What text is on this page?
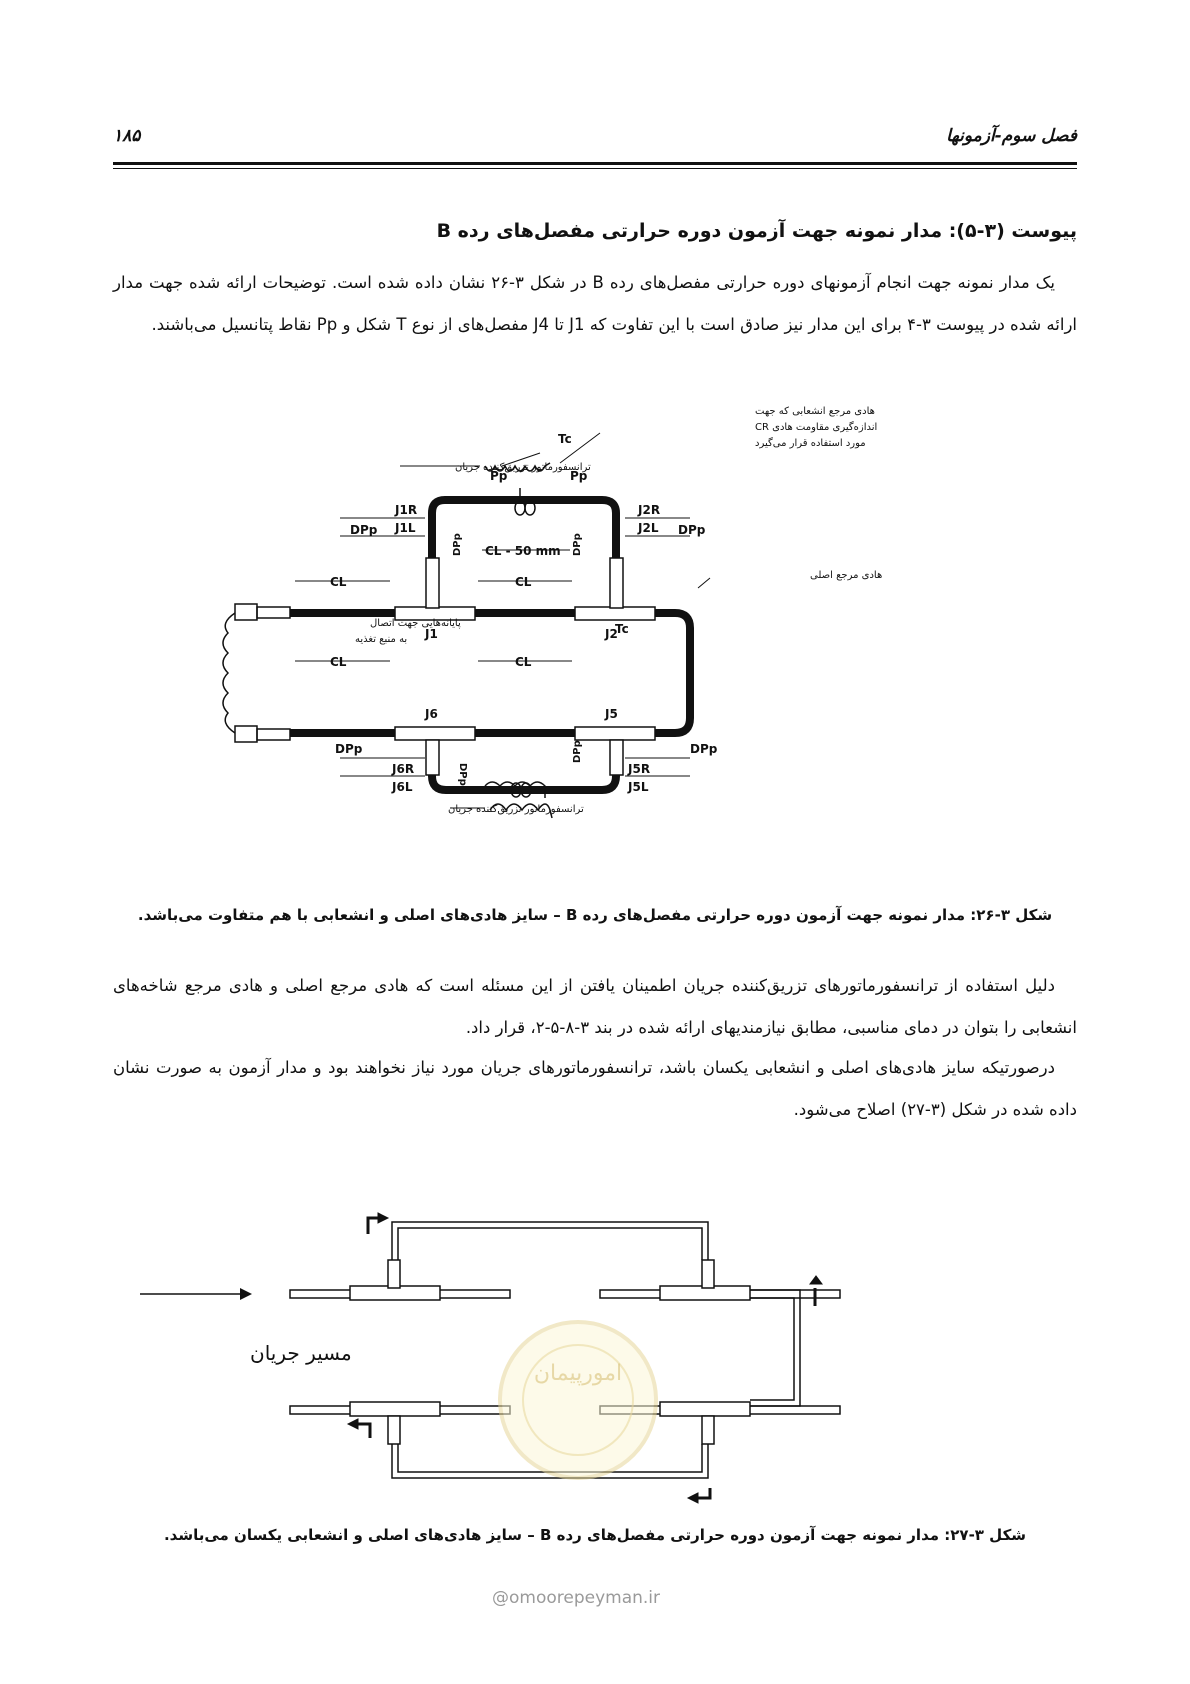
فصل سوم-آزمونها
۱۸۵
پیوست (۳-۵): مدار نمونه جهت آزمون دوره حرارتی مفصل‌های رده B
یک مدار نمونه جهت انجام آزمونهای دوره حرارتی مفصل‌های رده B در شکل ۳-۲۶ نشان داده شده است. توضیحات ارائه شده جهت مدار ارائه شده در پیوست ۳-۴ برای این مدار نیز صادق است با این تفاوت که J1 تا J4 مفصل‌های از نوع T شکل و Pp نقاط پتانسیل می‌باشند.
Pp	Pp
Tc
Tc
J1R
J1L
J2R
J2L
DPp	DPp
CL - 50 mm
CL	CL
CL	CL
J1	J2
J6	J5
DPp	DPp
J6R
J6L
J5R
J5L
DPp	DPp
DPp
DPp
هادی مرجع انشعابی که جهت
اندازه‌گیری مقاومت هادی CR
مورد استفاده قرار می‌گیرد
ترانسفورماتور تزریق‌کننده جریان
ترانسفورماتور تزریق‌کننده جریان
هادی مرجع اصلی
پایانه‌هایی جهت اتصال
به منبع تغذیه
شکل ۳-۲۶: مدار نمونه جهت آزمون دوره حرارتی مفصل‌های رده B – سایز هادی‌های اصلی و انشعابی با هم متفاوت می‌باشد.
دلیل استفاده از ترانسفورماتورهای تزریق‌کننده جریان اطمینان یافتن از این مسئله است که هادی مرجع اصلی و هادی مرجع شاخه‌های انشعابی را بتوان در دمای مناسبی، مطابق نیازمندیهای ارائه شده در بند ۳-۸-۵-۲، قرار داد.
درصورتیکه سایز هادی‌های اصلی و انشعابی یکسان باشد، ترانسفورماتورهای جریان مورد نیاز نخواهند بود و مدار آزمون به صورت نشان داده شده در شکل (۳-۲۷) اصلاح می‌شود.
مسیر جریان
امورپیمان
شکل ۳-۲۷: مدار نمونه جهت آزمون دوره حرارتی مفصل‌های رده B – سایز هادی‌های اصلی و انشعابی یکسان می‌باشد.
@omoorepeyman.ir
